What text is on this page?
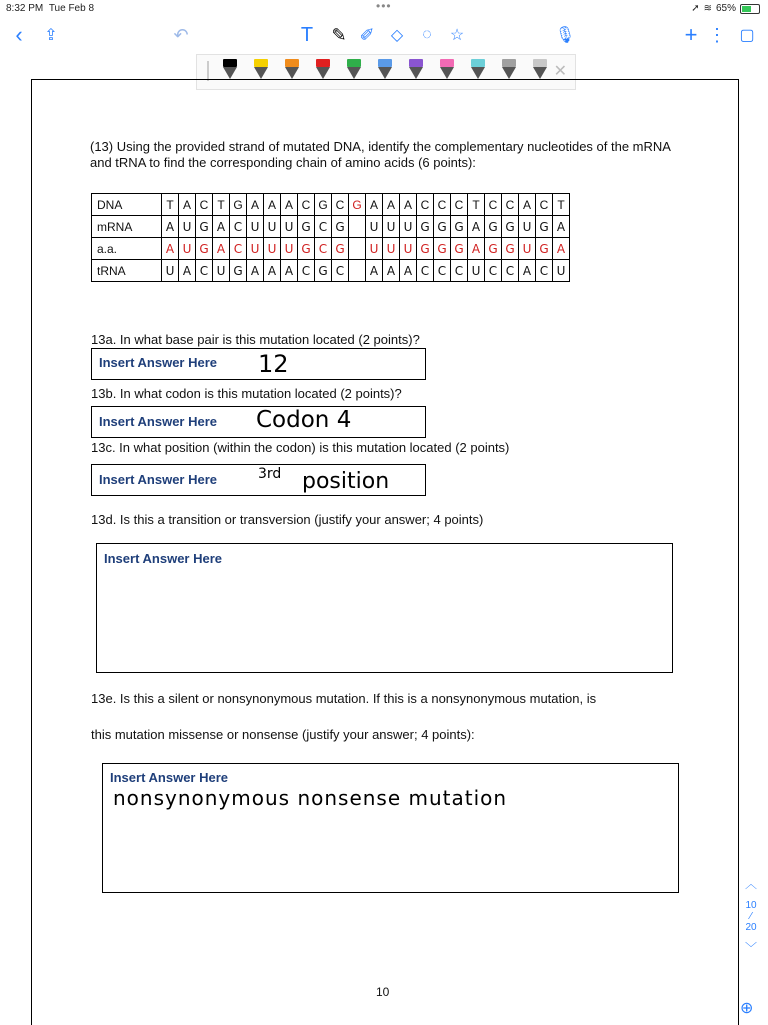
8:32 PM Tue Feb 8	•••	➚ ≋ 65%
‹	⇪	↶	T	✎ ✐	◇	◌	☆	🎙	+ ⋮ ▢
✕
(13) Using the provided strand of mutated DNA, identify the complementary nucleotides of the mRNA and tRNA to find the corresponding chain of amino acids (6 points):
DNA	T	A	C	T	G	A	A	A	C	G	C	G	A	A	A	C	C	C	T	C	C	A	C	T
mRNA	A	U	G	A	C	U	U	U	G	C	G		U	U	U	G	G	G	A	G	G	U	G	A
a.a.	A	U	G	A	C	U	U	U	G	C	G		U	U	U	G	G	G	A	G	G	U	G	A
tRNA	U	A	C	U	G	A	A	A	C	G	C		A	A	A	C	C	C	U	C	C	A	C	U
13a. In what base pair is this mutation located (2 points)?
Insert Answer Here 12
13b. In what codon is this mutation located (2 points)?
Insert Answer Here Codon 4
13c. In what position (within the codon) is this mutation located (2 points)
Insert Answer Here	3rd position
13d. Is this a transition or transversion (justify your answer; 4 points)
Insert Answer Here
13e. Is this a silent or nonsynonymous mutation. If this is a nonsynonymous mutation, is
this mutation missense or nonsense (justify your answer; 4 points):
Insert Answer Here
nonsynonymous nonsense mutation
10
︿
10
⁄
20
﹀
⊕
